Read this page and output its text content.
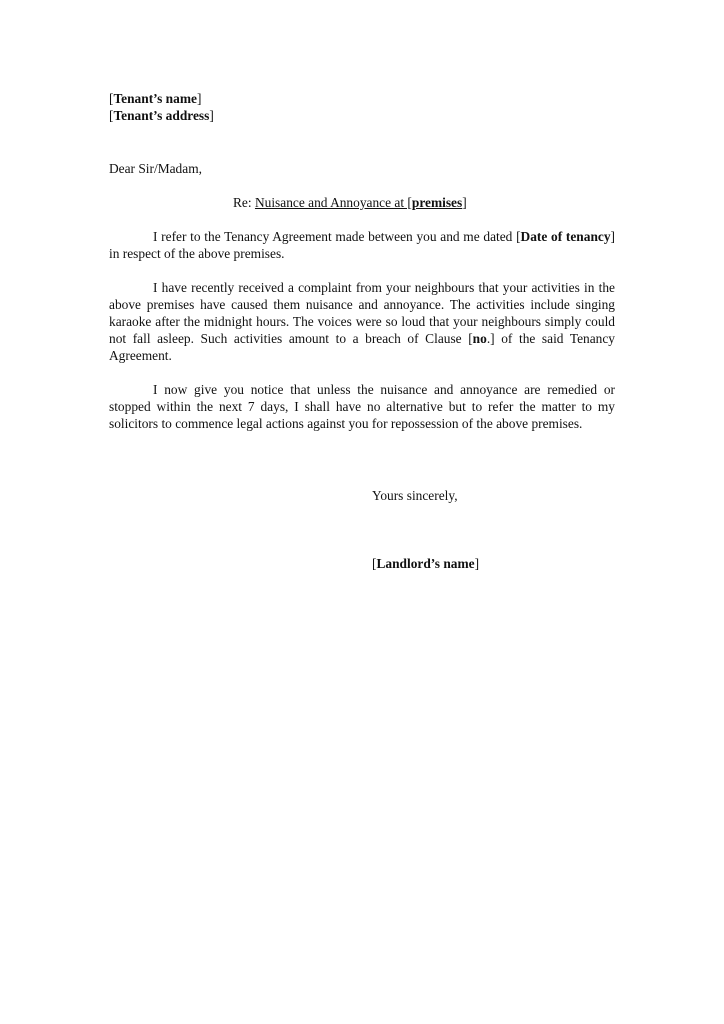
[Tenant’s name]
[Tenant’s address]
Dear Sir/Madam,
Re: Nuisance and Annoyance at [premises]

I refer to the Tenancy Agreement made between you and me dated [Date of tenancy] in respect of the above premises.

I have recently received a complaint from your neighbours that your activities in the above premises have caused them nuisance and annoyance. The activities include singing karaoke after the midnight hours. The voices were so loud that your neighbours simply could not fall asleep. Such activities amount to a breach of Clause [no.] of the said Tenancy Agreement.

I now give you notice that unless the nuisance and annoyance are remedied or stopped within the next 7 days, I shall have no alternative but to refer the matter to my solicitors to commence legal actions against you for repossession of the above premises.

Yours sincerely,
[Landlord’s name]
